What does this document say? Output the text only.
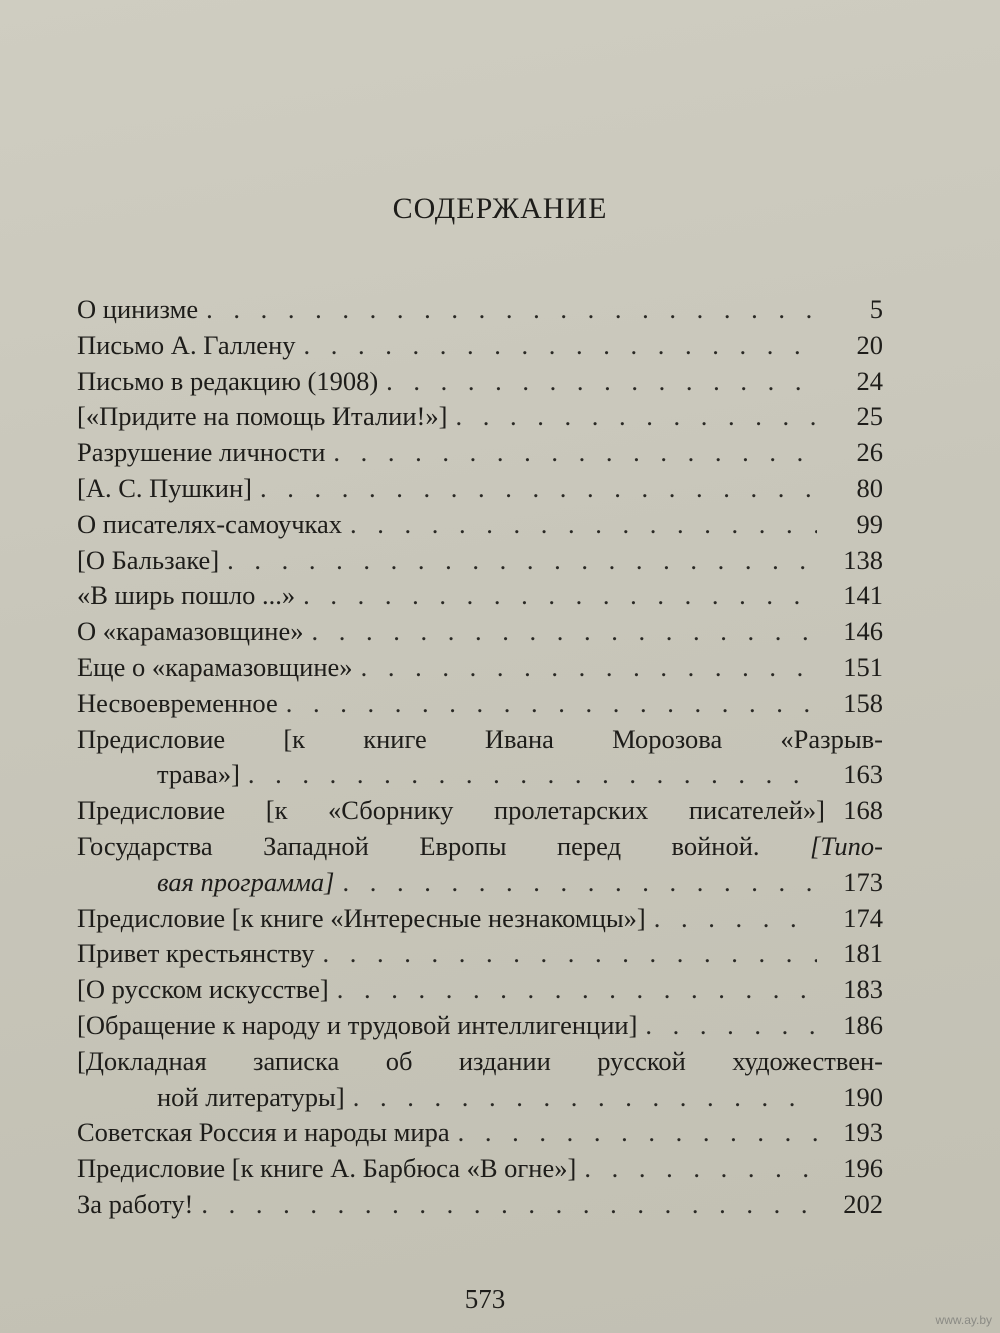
СОДЕРЖАНИЕ
О цинизме . . .	5
Письмо А. Галлену . . .	20
Письмо в редакцию (1908) . . .	24
[«Придите на помощь Италии!»] . . .	25
Разрушение личности . . .	26
[А. С. Пушкин] . . .	80
О писателях-самоучках . . .	99
[О Бальзаке] . . .	138
«В ширь пошло ...» . . .	141
О «карамазовщине» . . .	146
Еще о «карамазовщине» . . .	151
Несвоевременное . . .	158
Предисловие [к книге Ивана Морозова «Разрыв-
трава»] . . .	163
Предисловие [к «Сборнику пролетарских писателей»] 168
Государства Западной Европы перед войной. [Типо-
вая программа] . . .	173
Предисловие [к книге «Интересные незнакомцы»] . . .	174
Привет крестьянству . . .	181
[О русском искусстве] . . .	183
[Обращение к народу и трудовой интеллигенции] . . .	186
[Докладная записка об издании русской художествен-
ной литературы] . . .	190
Советская Россия и народы мира . . .	193
Предисловие [к книге А. Барбюса «В огне»] . . .	196
За работу! . . .	202
573
www.ay.by
